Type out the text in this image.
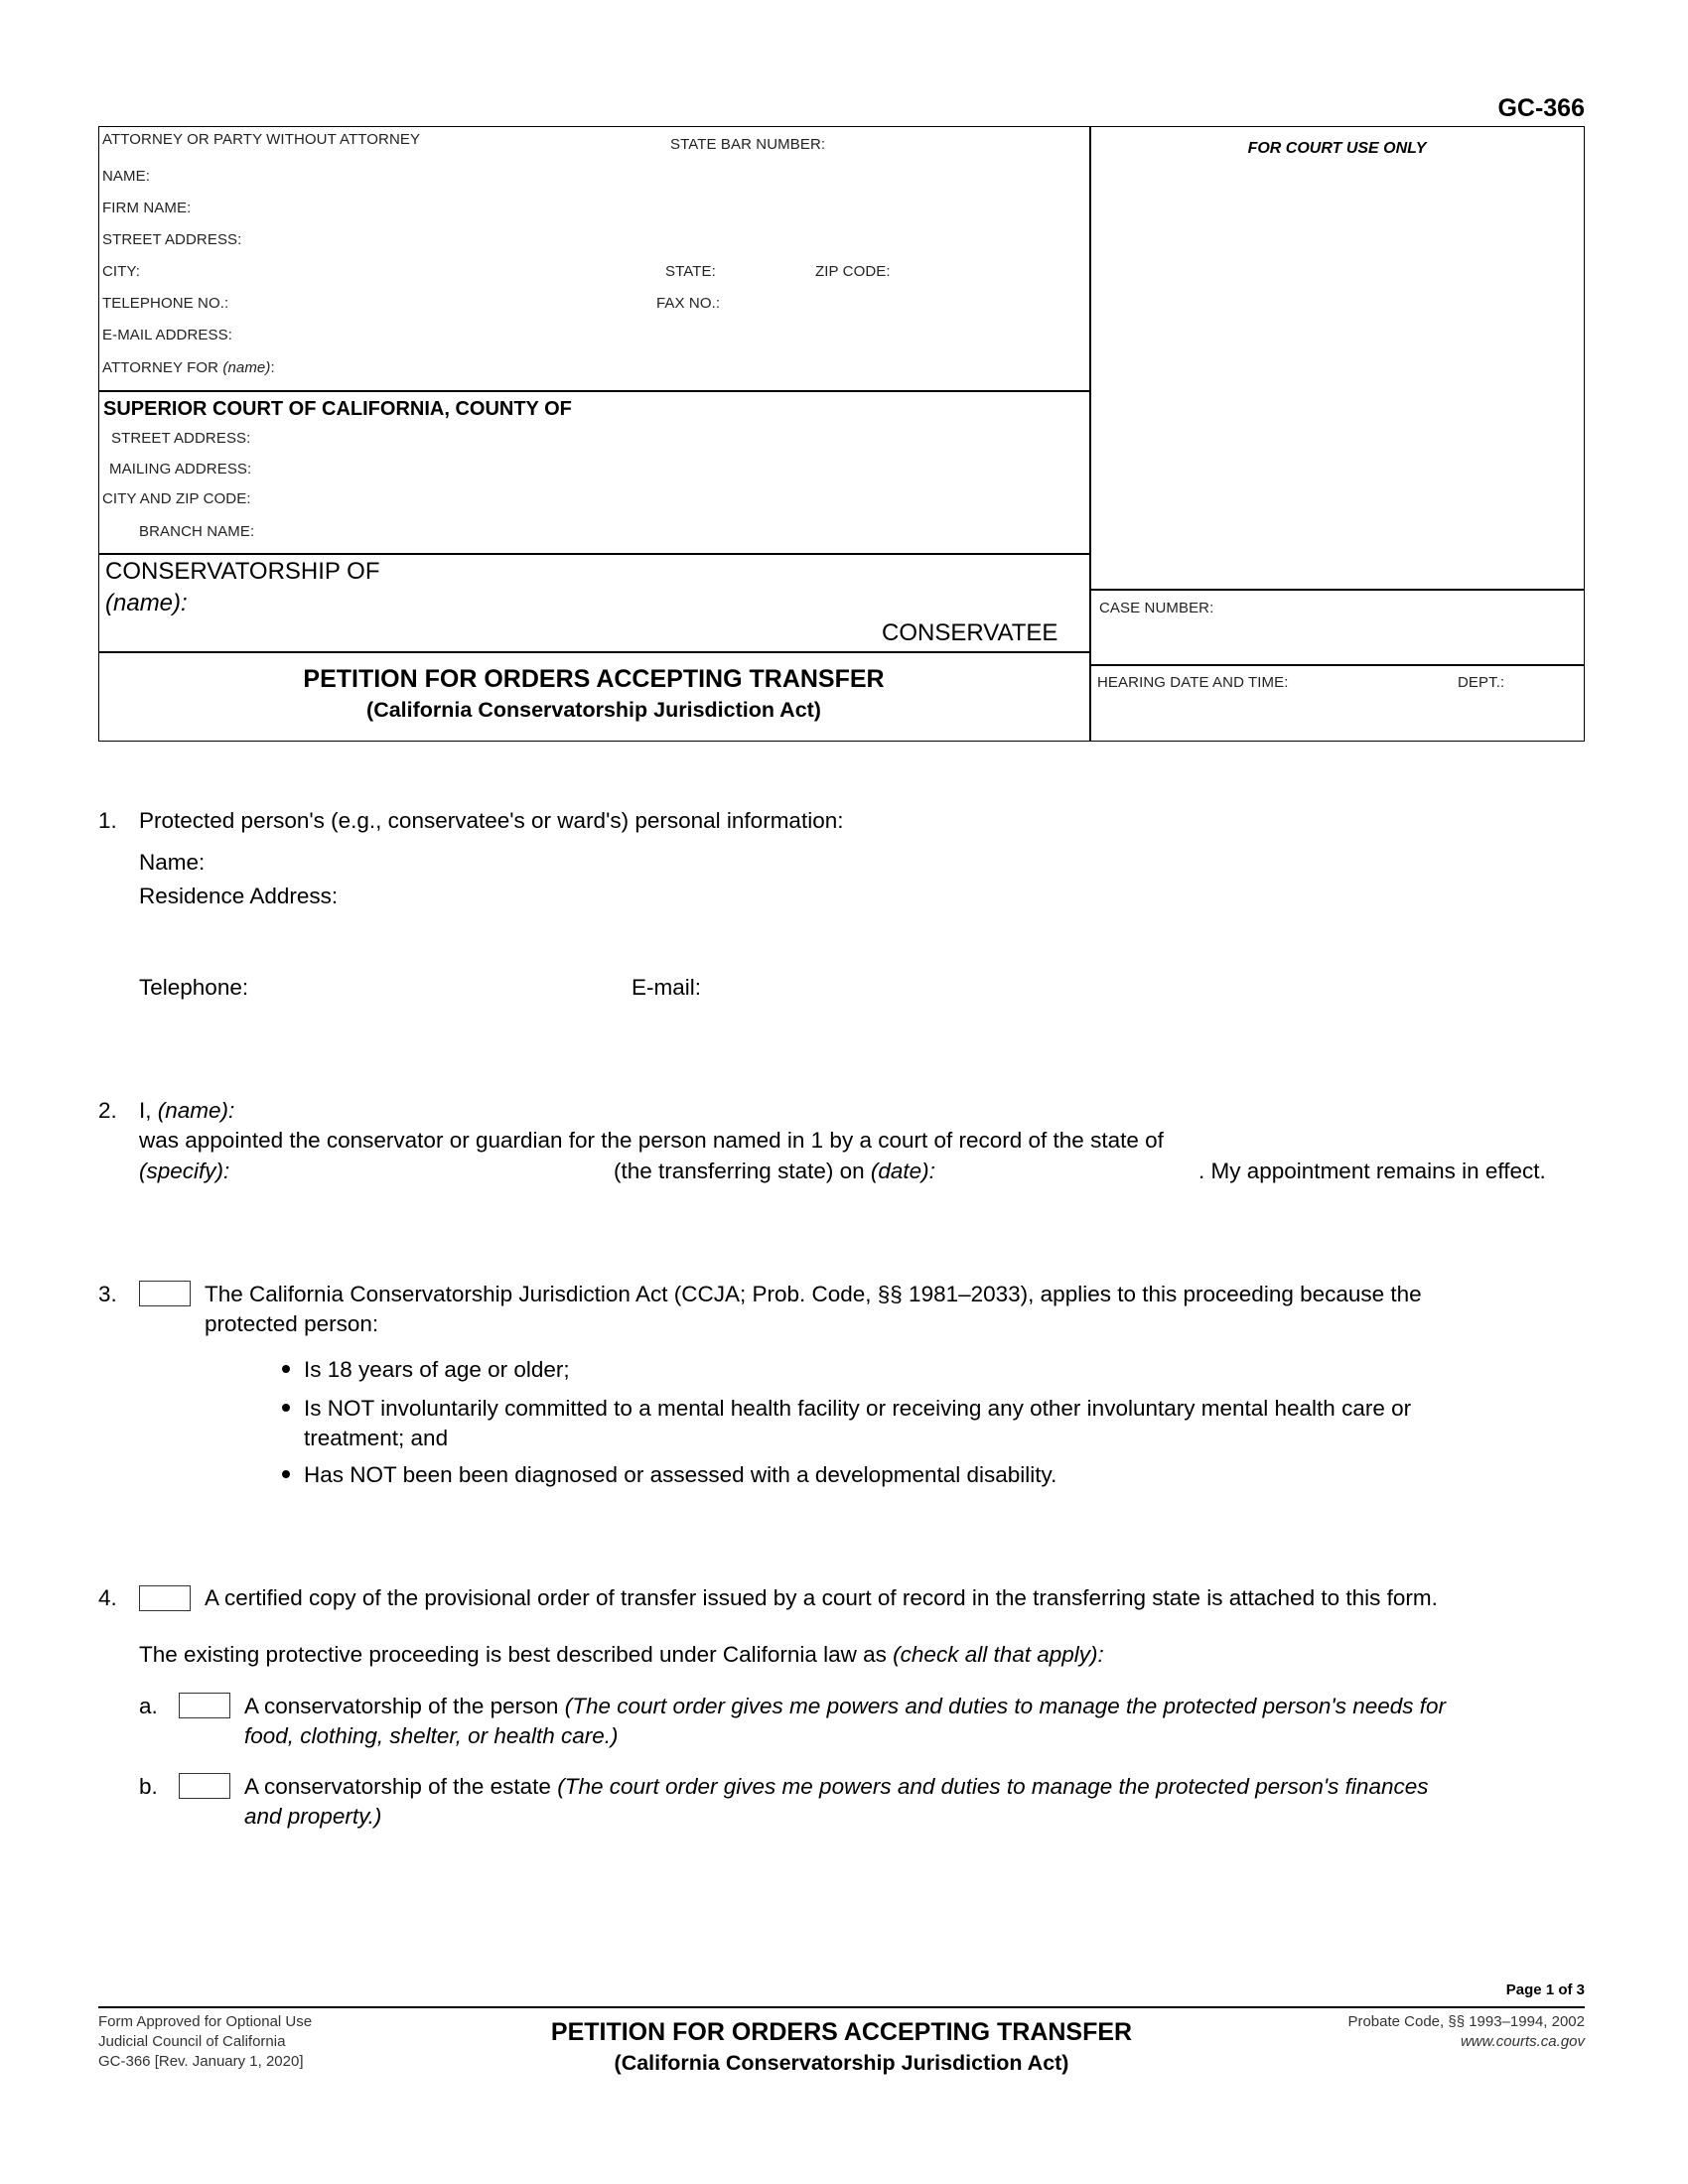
GC-366
ATTORNEY OR PARTY WITHOUT ATTORNEY	STATE BAR NUMBER:
NAME:
FIRM NAME:
STREET ADDRESS:
CITY:	STATE:	ZIP CODE:
TELEPHONE NO.:	FAX NO.:
E-MAIL ADDRESS:
ATTORNEY FOR (name):
SUPERIOR COURT OF CALIFORNIA, COUNTY OF
STREET ADDRESS:
MAILING ADDRESS:
CITY AND ZIP CODE:
BRANCH NAME:
CONSERVATORSHIP OF
(name):
CONSERVATEE
PETITION FOR ORDERS ACCEPTING TRANSFER
(California Conservatorship Jurisdiction Act)
FOR COURT USE ONLY
CASE NUMBER:
HEARING DATE AND TIME:	DEPT.:
1. Protected person's (e.g., conservatee's or ward's) personal information:
Name:
Residence Address:
Telephone:	E-mail:
2. I, (name):
was appointed the conservator or guardian for the person named in 1 by a court of record of the state of
(specify):	(the transferring state) on (date):	. My appointment remains in effect.
3.	The California Conservatorship Jurisdiction Act (CCJA; Prob. Code, §§ 1981–2033), applies to this proceeding because the
protected person:
Is 18 years of age or older;
Is NOT involuntarily committed to a mental health facility or receiving any other involuntary mental health care or
treatment; and
Has NOT been been diagnosed or assessed with a developmental disability.
4.	A certified copy of the provisional order of transfer issued by a court of record in the transferring state is attached to this form.
The existing protective proceeding is best described under California law as (check all that apply):
a.	A conservatorship of the person (The court order gives me powers and duties to manage the protected person's needs for
food, clothing, shelter, or health care.)
b.	A conservatorship of the estate (The court order gives me powers and duties to manage the protected person's finances
and property.)
Page 1 of 3
Form Approved for Optional Use
Judicial Council of California
GC-366 [Rev. January 1, 2020]
PETITION FOR ORDERS ACCEPTING TRANSFER
(California Conservatorship Jurisdiction Act)
Probate Code, §§ 1993–1994, 2002
www.courts.ca.gov
